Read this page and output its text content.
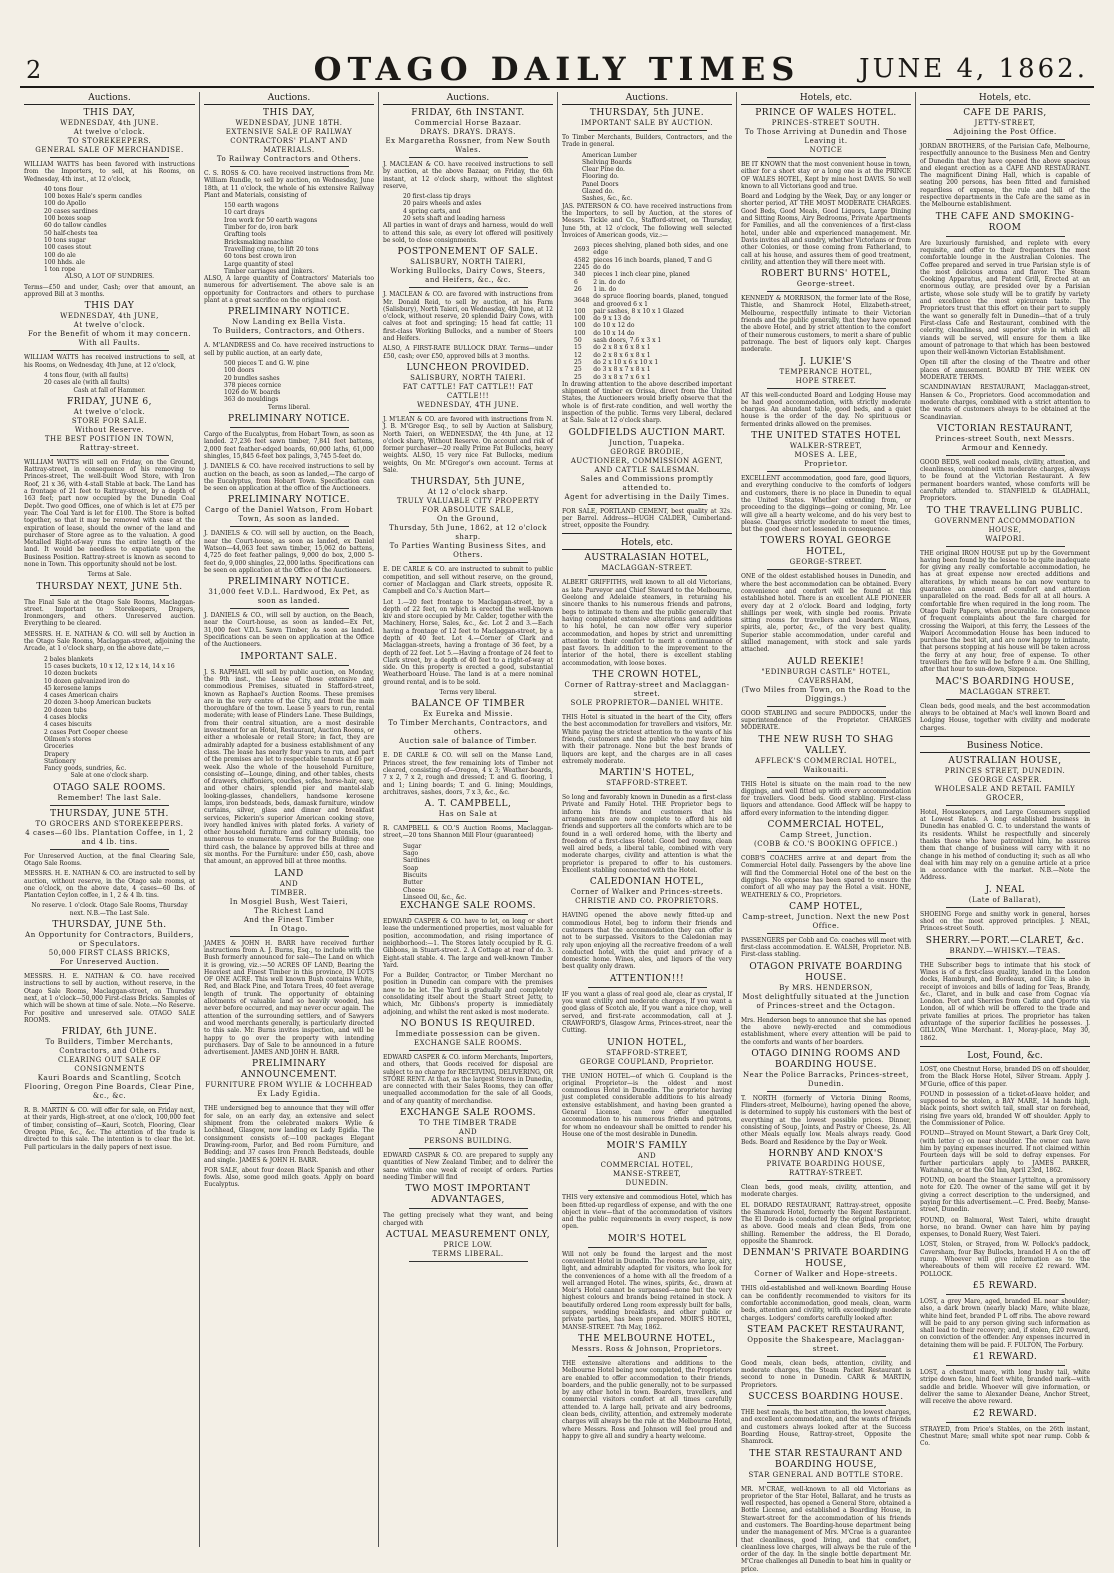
2	OTAGO DAILY TIMES	JUNE 4, 1862.
Auctions.
THIS DAY,
WEDNESDAY, 4th JUNE.
At twelve o'clock.
TO STOREKEEPERS.
GENERAL SALE OF MERCHANDISE.
WILLIAM WATTS has been favored with instructions from the Importers, to sell, at his Rooms, on Wednesday, 4th inst., at 12 o'clock,
40 tons flour
100 boxes Hale's sperm candles
100 do Apollo
20 cases sardines
100 boxes soap
60 do tallow candles
50 half-chests tea
10 tons sugar
100 cases stout
100 do ale
100 hhds. ale
1 ton rope
ALSO, A LOT OF SUNDRIES.
Terms—£50 and under, Cash; over that amount, an approved Bill at 3 months.
THIS DAY
WEDNESDAY, 4th JUNE,
At twelve o'clock.
For the Benefit of whom it may concern.
With all Faults.
WILLIAM WATTS has received instructions to sell, at his Rooms, on Wednesday, 4th June, at 12 o'clock,
4 tons flour, (with all faults)
20 cases ale (with all faults)
Cash at fall of Hammer.
FRIDAY, JUNE 6,
At twelve o'clock.
STORE FOR SALE.
Without Reserve.
THE BEST POSITION IN TOWN,
Rattray-street.
WILLIAM WATTS will sell on Friday, on the Ground, Rattray-street, in consequence of his removing to Princes-street, The well-built Wood Store, with Iron Roof, 21 x 36, with 4-stall Stable at back. The Land has a frontage of 21 feet to Rattray-street, by a depth of 163 feet; part now occupied by the Dunedin Coal Depôt. Two good Offices, one of which is let at £75 per year. The Coal Yard is let for £100. The Store is bolted together, so that it may be removed with ease at the expiration of lease, should the owner of the land and purchaser of Store agree as to the valuation. A good Metalled Right-of-way runs the entire length of the land. It would be needless to expatiate upon the Business Position. Rattray-street is known as second to none in Town. This opportunity should not be lost.
Terms at Sale.
THURSDAY NEXT, JUNE 5th.
The Final Sale at the Otago Sale Rooms, Maclaggan-street. Important to Storekeepers, Drapers, Ironmongers, and others. Unreserved auction. Everything to be cleared.
MESSRS. H. E. NATHAN & CO. will sell by Auction in the Otago Sale Rooms, Maclaggan-street, adjoining the Arcade, at 1 o'clock sharp, on the above date,—
2 bales blankets
15 cases buckets, 10 x 12, 12 x 14, 14 x 16
10 dozen buckets
10 dozen galvanized iron do
45 kerosene lamps
4 cases American chairs
20 dozen 3-hoop American buckets
20 dozen tubs
4 cases blocks
4 cases biscuits
2 cases Port Cooper cheese
Oilmen's stores
Groceries
Drapery
Stationery
Fancy goods, sundries, &c.
Sale at one o'clock sharp.
OTAGO SALE ROOMS.
Remember! The last Sale.
THURSDAY, JUNE 5TH.
TO GROCERS AND STOREKEEPERS.
4 cases—60 lbs. Plantation Coffee, in 1, 2 and 4 lb. tins.
For Unreserved Auction, at the final Clearing Sale, Otago Sale Rooms.
MESSRS. H. E. NATHAN & CO. are instructed to sell by auction, without reserve, in the Otago sale rooms, at one o'clock, on the above date, 4 cases—60 lbs. of Plantation Ceylon coffee, in 1, 2 & 4 lb. tins.
No reserve. 1 o'clock. Otago Sale Rooms, Thursday next. N.B.—The Last Sale.
THURSDAY, JUNE 5th.
An Opportunity for Contractors, Builders, or Speculators.
50,000 FIRST CLASS BRICKS,
For Unreserved Auction.
MESSRS. H. E. NATHAN & CO. have received instructions to sell by auction, without reserve, in the Otago Sale Rooms, Maclaggan-street, on Thursday next, at 1 o'clock—50,000 First-class Bricks. Samples of which will be shown at time of sale. Note.—No Reserve. For positive and unreserved sale. OTAGO SALE ROOMS.
FRIDAY, 6th JUNE.
To Builders, Timber Merchants, Contractors, and Others.
CLEARING OUT SALE OF CONSIGNMENTS
Kauri Boards and Scantling, Scotch Flooring, Oregon Pine Boards, Clear Pine, &c., &c.
R. B. MARTIN & CO. will offer for sale, on Friday next, at their yards, High-street, at one o'clock, 100,000 feet of timber, consisting of—Kauri, Scotch, Flooring, Clear Oregon Pine, &c., &c. The attention of the trade is directed to this sale. The intention is to clear the lot. Full particulars in the daily papers of next issue.
Auctions.
THIS DAY,
WEDNESDAY, JUNE 18TH.
EXTENSIVE SALE OF RAILWAY CONTRACTORS' PLANT AND MATERIALS.
To Railway Contractors and Others.
C. S. ROSS & CO. have received instructions from Mr. William Rundle, to sell by auction, on Wednesday, June 18th, at 11 o'clock, the whole of his extensive Railway Plant and Materials, consisting of
150 earth wagons
10 cart drays
Iron work for 50 earth wagons
Timber for do, iron bark
Grafting tools
Bricksmaking machine
Travelling crane, to lift 20 tons
60 tons best crown iron
Large quantity of steel
Timber carriages and jinkers.
ALSO, A large quantity of Contractors' Materials too numerous for advertisement. The above sale is an opportunity for Contractors and others to purchase plant at a great sacrifice on the original cost.
PRELIMINARY NOTICE.
Now Landing ex Bella Vista.
To Builders, Contractors, and Others.
A. M'LANDRESS and Co. have received instructions to sell by public auction, at an early date,
500 pieces T. and G. W. pine
100 doors
20 bundles sashes
378 pieces cornice
1026 do W. boards
363 do mouldings
Terms liberal.
PRELIMINARY NOTICE.
Cargo of the Eucalyptus, from Hobart Town, as soon as landed. 27,236 feet sawn timber, 7,841 feet battens, 2,000 feet feather-edged boards, 60,000 laths, 61,000 shingles, 15,845 6-feet box palings, 3,745 5-feet do.
J. DANIELS & CO. have received instructions to sell by auction on the beach, as soon as landed,—The cargo of the Eucalyptus, from Hobart Town. Specification can be seen on application at the office of the Auctioneers.
PRELIMINARY NOTICE.
Cargo of the Daniel Watson, From Hobart Town, As soon as landed.
J. DANIELS & CO. will sell by auction, on the Beach, near the Court-house, as soon as landed, ex Daniel Watson—44,063 feet sawn timber, 15,062 do battens, 4,725 do feet feather palings, 9,000 do box, 2,000 5-feet do, 9,000 shingles, 22,000 laths. Specifications can be seen on application at the Office of the Auctioneers.
PRELIMINARY NOTICE.
31,000 feet V.D.L. Hardwood, Ex Pet, as soon as landed.
J. DANIELS & CO., will sell by auction, on the Beach, near the Court-house, as soon as landed—Ex Pet, 31,000 feet V.D.L. Sawn Timber, As soon as landed. Specifications can be seen on application at the Office of the Auctioneers.
IMPORTANT SALE.
J. S. RAPHAEL will sell by public auction, on Monday, the 9th inst., the Lease of those extensive and commodious Premises, situated in Stafford-street, known as Raphael's Auction Rooms. These premises are in the very centre of the City, and front the main thoroughfare of the town. Lease 5 years to run, rental moderate; with lease of Flinders Lane. These Buildings, from their central situation, are a most desirable investment for an Hotel, Restaurant, Auction Rooms, or either a wholesale or retail Store; in fact, they are admirably adapted for a business establishment of any class. The lease has nearly four years to run, and part of the premises are let to respectable tenants at £6 per week. Also the whole of the household Furniture, consisting of—Lounge, dining, and other tables, chests of drawers, chiffoniers, couches, sofas, horse-hair, easy, and other chairs, splendid pier and mantel-slab looking-glasses, chandeliers, handsome kerosene lamps, iron bedsteads, beds, damask furniture, window curtains, silver, glass and dinner and breakfast services, Pickerin's superior American cooking stove, ivory handled knives with plated forks. A variety of other household furniture and culinary utensils, too numerous to enumerate. Terms for the Building: one third cash, the balance by approved bills at three and six months. For the Furniture: under £50, cash, above that amount, an approved bill at three months.
LAND
AND
TIMBER.
In Mosgiel Bush, West Taieri,
The Richest Land
And the Finest Timber
In Otago.
JAMES & JOHN H. BARR have received further instructions from A. J. Burns, Esq., to include with the Bush formerly announced for sale—The Land on which it is growing, viz.:—50 ACRES OF LAND, Bearing the Heaviest and Finest Timber in this province, IN LOTS OF ONE ACRE. This well known Bush contains White, Red, and Black Pine, and Totara Trees, 40 feet average length of trunk. The opportunity of obtaining allotments of valuable land so heavily wooded, has never before occurred, and may never occur again. The attention of the surrounding settlers, and of Sawyers and wood merchants generally, is particularly directed to this sale. Mr. Burns invites inspection, and will be happy to go over the property with intending purchasers. Day of Sale to be announced in a future advertisement. JAMES AND JOHN H. BARR.
PRELIMINARY ANNOUNCEMENT.
FURNITURE FROM WYLIE & LOCHHEAD
Ex Lady Egidia.
THE undersigned beg to announce that they will offer for sale, on an early day, an extensive and select shipment from the celebrated makers Wylie & Lochhead, Glasgow, now landing ex Lady Egidia. The consignment consists of:—100 packages Elegant Drawing-room, Parlor, and Bed room Furniture, and Bedding; and 37 cases Iron French Bedsteads, double and single. JAMES & JOHN H. BARR.
FOR SALE, about four dozen Black Spanish and other fowls. Also, some good milch goats. Apply on board Eucalyptus.
Auctions.
FRIDAY, 6th INSTANT.
Commercial Horse Bazaar.
DRAYS. DRAYS. DRAYS.
Ex Margaretha Rossner, from New South Wales.
J. MACLEAN & CO. have received instructions to sell by auction, at the above Bazaar, on Friday, the 6th instant, at 12 o'clock sharp, without the slightest reserve,
20 first-class tip drays
20 pairs wheels and axles
4 spring carts, and
20 sets shaft and leading harness
All parties in want of drays and harness, would do well to attend this sale, as every lot offered will positively be sold, to close consignments.
POSTPONEMENT OF SALE.
SALISBURY, NORTH TAIERI,
Working Bullocks, Dairy Cows, Steers, and Heifers, &c., &c.
J. MACLEAN & CO. are favored with instructions from Mr. Donald Reid, to sell by auction, at his Farm (Salisbury), North Taieri, on Wednesday, 4th June, at 12 o'clock, without reserve, 20 splendid Dairy Cows, with calves at foot and springing; 15 head fat cattle; 11 first-class Working Bullocks, and a number of Steers and Heifers.
ALSO, A FIRST-RATE BULLOCK DRAY. Terms—under £50, cash; over £50, approved bills at 3 months.
LUNCHEON PROVIDED.
SALISBURY, NORTH TAIERI.
FAT CATTLE! FAT CATTLE!! FAT CATTLE!!!
WEDNESDAY, 4TH JUNE.
J. M'LEAN & CO. are favored with instructions from N. J. B. M'Gregor Esq., to sell by Auction at Salisbury, North Taieri, on WEDNESDAY, the 4th June, at 12 o'clock sharp, Without Reserve. On account and risk of former purchaser—20 really Prime Fat Bullocks, heavy weights. ALSO, 15 very nice Fat Bullocks, medium weights, On Mr. M'Gregor's own account. Terms at Sale.
THURSDAY, 5th JUNE,
At 12 o'clock sharp.
TRULY VALUABLE CITY PROPERTY
FOR ABSOLUTE SALE,
On the Ground,
Thursday, 5th June, 1862, at 12 o'clock sharp.
To Parties Wanting Business Sites, and Others.
E. DE CARLE & CO. are instructed to submit to public competition, and sell without reserve, on the ground, corner of Maclaggan and Clark streets, opposite R. Campbell and Co.'s Auction Mart—
Lot 1.—20 feet frontage to Maclaggan-street, by a depth of 22 feet, on which is erected the well-known kiv and store occupied by Mr. Calder, together with the Machinery, Horse, Sales, &c., &c. Lot 2 and 3.—Each having a frontage of 12 feet to Maclaggan-street, by a depth of 40 feet. Lot 4.—Corner of Clark and Maclaggan-streets, having a frontage of 36 feet, by a depth of 22 feet. Lot 5.—Having a frontage of 24 feet to Clark street, by a depth of 40 feet to a right-of-way at side. On this property is erected a good, substantial Weatherboard House. The land is at a mere nominal ground rental, and is to be sold.
Terms very liberal.
BALANCE OF TIMBER
Ex Eureka and Missie.
To Timber Merchants, Contractors, and others.
Auction sale of balance of Timber.
E. DE CARLE & CO. will sell on the Manse Land, Princes street, the few remaining lots of Timber not cleared, consisting of—Oregon, 4 x 3; Weather-boards, 7 x 2, 7 x 2, rough and dressed; T. and G. flooring, 1 and 1; Lining boards; T. and G. lining; Mouldings, architraves, sashes, doors, 7 x 3, &c., &c.
A. T. CAMPBELL,
Has on Sale at
R. CAMPBELL & CO.'S Auction Rooms, Maclaggan-street,—20 tons Shannon Mill Flour (guaranteed)
Sugar
Sago
Sardines
Soap
Biscuits
Butter
Cheese
Linseed Oil, &c., &c.
EXCHANGE SALE ROOMS.
EDWARD CASPER & CO. have to let, on long or short lease the undermentioned properties, most valuable for position, accommodation, and rising importance of neighborhood:—1. The Stores lately occupied by R. G. Gibbons, in Stuart-street. 2. A Cottage at rear of do. 3. Eight-stall stable. 4. The large and well-known Timber Yard.
For a Builder, Contractor, or Timber Merchant no position in Dunedin can compare with the premises now to be let. The Yard is gradually and completely consolidating itself about the Stuart Street Jetty, to which, Mr. Gibbons's property is immediately adjoining, and whilst the rent asked is most moderate.
NO BONUS IS REQUIRED.
Immediate possession can be given.
EXCHANGE SALE ROOMS.
EDWARD CASPER & CO. inform Merchants, Importers, and others, that Goods received for disposal are subject to no charge for RECEIVING, DELIVERING, OR STORE RENT. At that, as the largest Stores in Dunedin, are connected with their Sales Rooms, they can offer unequalled accommodation for the sale of all Goods, and of any quantity of merchandise.
EXCHANGE SALE ROOMS.
TO THE TIMBER TRADE
AND
PERSONS BUILDING.
EDWARD CASPAR & CO. are prepared to supply any quantities of New Zealand Timber, and to deliver the same within one week of receipt of orders. Parties needing Timber will find
TWO MOST IMPORTANT ADVANTAGES,
The getting precisely what they want, and being charged with
ACTUAL MEASUREMENT ONLY,
PRICE LOW.
TERMS LIBERAL.
Auctions.
THURSDAY, 5th JUNE.
IMPORTANT SALE BY AUCTION.
To Timber Merchants, Builders, Contractors, and the Trade in general.
American Lumber
Shelving Boards
Clear Pine do.
Flooring do.
Panel Doors
Glazed do.
Sashes, &c., &c.
JAS. PATERSON & CO. have received instructions from the Importers, to sell by Auction, at the stores of Messrs. Tickle and Co., Stafford-street, on Thursday, June 5th, at 12 o'clock, The following well selected Invoices of American goods, viz.:—
2693	pieces shelving, planed both sides, and one edge
4582	pieces 16 inch boards, planed, T and G
2245	do do
340	pieces 1 inch clear pine, planed
6	2 in. do do
26	1 in. do
3648	do spruce flooring boards, planed, tongued and grooved 6 x 1
100	pair sashes, 8 x 10 x 1 Glazed
100	do 9 x 13 do
100	do 10 x 12 do
100	do 10 x 14 do
50	sash doors, 7.6 x 3 x 1
15	do 2 x 8 x 6 x 8 x 1
12	do 2 x 8 x 6 x 8 x 1
25	do 2 x 10 x 6 x 10 x 1
25	do 3 x 8 x 7 x 8 x 1
25	do 3 x 8 x 7 x 6 x 1
In drawing attention to the above described important shipment of timber ex Orissa, direct from the United States, the Auctioneers would briefly observe that the whole is of first-rate condition, and well worthy the inspection of the public. Terms very Liberal, declared at Sale. Sale at 12 o'clock sharp.
GOLDFIELDS AUCTION MART.
Junction, Tuapeka.
GEORGE BRODIE,
AUCTIONEER, COMMISSION AGENT, AND CATTLE SALESMAN.
Sales and Commissions promptly attended to.
Agent for advertising in the Daily Times.
FOR SALE, PORTLAND CEMENT, best quality at 32s. per Barrel. Address—HUGH CALDER, Cumberland-street, opposite the Foundry.
Hotels, etc.
AUSTRALASIAN HOTEL,
MACLAGGAN-STREET.
ALBERT GRIFFITHS, well known to all old Victorians, as late Purveyor and Chief Steward to the Melbourne, Geelong and Adelaide steamers, in returning his sincere thanks to his numerous friends and patrons, begs to intimate to them and the public generally that having completed extensive alterations and additions to his hotel, he can now offer very superior accommodation, and hopes by strict and unremitting attention to their comfort to merit a continuance of past favors. In addition to the improvement to the interior of the hotel, there is excellent stabling accommodation, with loose boxes.
THE CROWN HOTEL,
Corner of Rattray-street and Maclaggan-street.
SOLE PROPRIETOR—DANIEL WHITE.
THIS Hotel is situated in the heart of the City, offers the best accommodation for travellers and visitors, Mr. White paying the strictest attention to the wants of his friends, customers and the public who may favor him with their patronage. None but the best brands of liquors are kept, and the charges are in all cases extremely moderate.
MARTIN'S HOTEL,
STAFFORD-STREET.
So long and favorably known in Dunedin as a first-class Private and Family Hotel. THE Proprietor begs to inform his friends and customers that his arrangements are now complete to afford his old friends and supporters all the comforts which are to be found in a well ordered home, with the liberty and freedom of a first-class Hotel. Good bed rooms, clean well aired beds, a liberal table, combined with very moderate charges, civility and attention is what the proprietor is prepared to offer to his customers. Excellent stabling connected with the Hotel.
CALEDONIAN HOTEL,
Corner of Walker and Princes-streets.
CHRISTIE AND CO. PROPRIETORS.
HAVING opened the above newly fitted-up and commodious Hotel, beg to inform their friends and customers that the accommodation they can offer is not to be surpassed. Visitors to the Caledonian may rely upon enjoying all the recreative freedom of a well conducted hotel, with the quiet and privacy of a domestic home. Wines, ales, and liquors of the very best quality only drawn.
ATTENTION!!!
IF you want a glass of real good ale, clear as crystal, If you want civility and moderate charges, If you want a good glass of Scotch ale, If you want a nice chop, well served, and first-rate accommodation, call at J. CRAWFORD'S, Glasgow Arms, Princes-street, near the Cutting.
UNION HOTEL,
STAFFORD-STREET,
GEORGE COUPLAND, Proprietor.
THE UNION HOTEL—of which G. Coupland is the original Proprietor—is the oldest and most commodious Hotel in Dunedin. The proprietor having just completed considerable additions to his already extensive establishment, and having been granted a General License, can now offer unequalled accommodation to his numerous friends and patrons, for whom no endeavour shall be omitted to render his House one of the most desirable in Dunedin.
MOIR'S FAMILY
AND
COMMERCIAL HOTEL,
MANSE-STREET,
DUNEDIN.
THIS very extensive and commodious Hotel, which has been fitted-up regardless of expense, and with the one object in view—that of the accommodation of visitors and the public requirements in every respect, is now open.
MOIR'S HOTEL
Will not only be found the largest and the most convenient Hotel in Dunedin. The rooms are large, airy, light, and admirably adapted for visitors, who look for the conveniences of a home with all the freedom of a well arranged Hotel. The wines, spirits, &c., drawn at Moir's Hotel cannot be surpassed—none but the very highest colours and brands being retained in stock. A beautifully ordered Long room expressly built for balls, suppers, wedding breakfasts, and other public or private parties, has been prepared. MOIR'S HOTEL, MANSE-STREET. 7th May, 1862.
THE MELBOURNE HOTEL,
Messrs. Ross & Johnson, Proprietors.
THE extensive alterations and additions to the Melbourne Hotel being now completed, the Proprietors are enabled to offer accommodation to their friends, boarders, and the public generally, not to be surpassed by any other hotel in town. Boarders, travellers, and commercial visitors comfort at all times carefully attended to. A large hall, private and airy bedrooms, clean beds, civility, attention, and extremely moderate charges will always be the rule at the Melbourne Hotel, where Messrs. Ross and Johnson will feel proud and happy to give all and sundry a hearty welcome.
Hotels, etc.
PRINCE OF WALES HOTEL.
PRINCES-STREET SOUTH.
To Those Arriving at Dunedin and Those Leaving it.
NOTICE
BE IT KNOWN that the most convenient house in town, either for a short stay or a long one is at the PRINCE OF WALES HOTEL, Kept by mine host DAVIS. So well known to all Victorians good and true.
Board and Lodging by the Week, Day, or any longer or shorter period, AT THE MOST MODERATE CHARGES. Good Beds, Good Meals, Good Liquors, Large Dining and Sitting Rooms, Airy Bedrooms, Private Apartments for Families, and all the conveniences of a first-class hotel, under able and experienced management. Mr. Davis invites all and sundry, whether Victorians or from other Colonies, or those coming from Fatherland, to call at his house, and assures them of good treatment, civility, and attention they will there meet with.
ROBERT BURNS' HOTEL,
George-street.
KENNEDY & MORRISON, the former late of the Rose, Thistle, and Shamrock Hotel, Elizabeth-street, Melbourne, respectfully intimate to their Victorian friends and the public generally, that they have opened the above Hotel, and by strict attention to the comfort of their numerous customers, to merit a share of public patronage. The best of liquors only kept. Charges moderate.
J. LUKIE'S
TEMPERANCE HOTEL,
HOPE STREET.
AT this well-conducted Board and Lodging House may be had good accommodation, with strictly moderate charges. An abundant table, good beds, and a quiet house is the order of the day. No spirituous or fermented drinks allowed on the premises.
THE UNITED STATES HOTEL
WALKER-STREET,
MOSES A. LEE,
Proprietor.
EXCELLENT accommodation, good fare, good liquors, and everything conducive to the comforts of lodgers and customers, there is no place in Dunedin to equal the United States. Whether extending from, or proceeding to the diggings—going or coming, Mr. Lee will give all a hearty welcome, and do his very best to please. Charges strictly moderate to meet the times, but the good cheer not lessened in consequence.
TOWERS ROYAL GEORGE HOTEL,
GEORGE-STREET.
ONE of the oldest established houses in Dunedin, and where the best accommodation can be obtained. Every convenience and comfort will be found at this established hotel. There is an excellent ALE PIONEER every day at 2 o'clock. Board and lodging, forty shillings per week, with single bed rooms. Private sitting rooms for travellers and boarders. Wines, spirits, ale, porter, &c., of the very best quality. Superior stable accommodation, under careful and skilled management, with stock and sale yards attached.
AULD REEKIE!
"EDINBURGH CASTLE" HOTEL,
CAVERSHAM,
(Two Miles from Town, on the Road to the Diggings.)
GOOD STABLING and secure PADDOCKS, under the superintendence of the Proprietor. CHARGES MODERATE.
THE NEW RUSH TO SHAG VALLEY.
AFFLECK'S COMMERCIAL HOTEL,
Waikouaiti.
THIS Hotel is situate on the main road to the new diggings, and well fitted up with every accommodation for travellers. Good beds. Good stabling. First-class liquors and attendance. Good Affleck will be happy to afford every information to the intending digger.
COMMERCIAL HOTEL,
Camp Street, Junction.
(COBB & CO.'S BOOKING OFFICE.)
COBB'S COACHES arrive at and depart from the Commercial Hotel daily. Passengers by the above line will find the Commercial Hotel one of the best on the diggings. No expense has been spared to ensure the comfort of all who may pay the Hotel a visit. HONE, WEATHERLY & CO., Proprietors.
CAMP HOTEL,
Camp-street, Junction. Next the new Post Office.
PASSENGERS per Cobb and Co. coaches will meet with first-class accommodation. E. WALSH, Proprietor. N.B. First-class stabling.
OTAGON PRIVATE BOARDING HOUSE.
By MRS. HENDERSON,
Most delightfully situated at the Junction of Princes-street and the Octagon.
Mrs. Henderson begs to announce that she has opened the above newly-erected and commodious establishment, where every attention will be paid to the comforts and wants of her boarders.
OTAGO DINING ROOMS AND BOARDING HOUSE.
Near the Police Barracks, Princes-street, Dunedin.
T. NORTH (formerly of Victoria Dining Rooms, Flinders-street, Melbourne), having opened the above, is determined to supply his customers with the best of everything at the lowest possible prices. Dinner, consisting of Soup, Joints, and Pastry or Cheese, 2s. All other Meals equally low. Meals always ready. Good Beds. Board and Residence by the Day or Week.
HORNBY AND KNOX'S
PRIVATE BOARDING HOUSE,
RATTRAY-STREET.
Clean beds, good meals, civility, attention, and moderate charges.
EL DORADO RESTAURANT, Rattray-street, opposite the Shamrock Hotel, formerly the Regent Restaurant. The El Dorado is conducted by the original proprietor, as above. Good meals and clean Beds, from one shilling. Remember the address, the El Dorado, opposite the Shamrock.
DENMAN'S PRIVATE BOARDING HOUSE,
Corner of Walker and Hope-streets.
THIS old-established and well-known Boarding House can be confidently recommended to visitors for its comfortable accommodation, good meals, clean, warm beds, attention and civility, with exceedingly moderate charges. Lodgers' comforts carefully looked after.
STEAM PACKET RESTAURANT,
Opposite the Shakespeare, Maclaggan-street.
Good meals, clean beds, attention, civility, and moderate charges, the Steam Packet Restaurant is second to none in Dunedin. CARR & MARTIN, Proprietors.
SUCCESS BOARDING HOUSE.
THE best meals, the best attention, the lowest charges, and excellent accommodation, and the wants of friends and customers always looked after at the Success Boarding House, Rattray-street, Opposite the Shamrock.
THE STAR RESTAURANT AND BOARDING HOUSE,
STAR GENERAL AND BOTTLE STORE.
MR. M'CRAE, well-known to all old Victorians as proprietor of the Star Hotel, Ballarat, and he trusts as well respected, has opened a General Store, obtained a Bottle License, and established a Boarding House, in Stewart-street for the accommodation of his friends and customers. The Boarding-house department being under the management of Mrs. M'Crae is a guarantee that cleanliness, good living, and that comfort, cleanliness love charges, will always be the rule of the order of the day. In the single bottle department Mr. M'Crae challenges all Dunedin to beat him in quality or price.
Hotels, etc.
CAFE DE PARIS,
JETTY-STREET,
Adjoining the Post Office.
JORDAN BROTHERS, of the Parisian Cafe, Melbourne, respectfully announce to the Business Men and Gentry of Dunedin that they have opened the above spacious and elegant erection as a CAFE AND RESTAURANT. The magnificent Dining Hall, which is capable of seating 200 persons, has been fitted and furnished regardless of expense, the rule and bill of the respective departments in the Cafe are the same as in the Melbourne establishment.
THE CAFE AND SMOKING-ROOM
Are luxuriously furnished, and replete with every requisite, and offer to their frequenters the most comfortable lounge in the Australian Colonies. The Coffee prepared and served in true Parisian style is of the most delicious aroma and flavor. The Steam Cooking Apparatus, and Patent Grill, Erected at an enormous outlay, are presided over by a Parisian artiste, whose sole study will be to gratify by variety and excellence the most epicurean taste. The Proprietors trust that this effort on their part to supply the want so generally felt in Dunedin—that of a truly First-class Cafe and Restaurant, combined with the celerity, cleanliness, and superior style in which all viands will be served, will ensure for them a like amount of patronage to that which has been bestowed upon their well-known Victorian Establishment.
Open till after the closing of the Theatre and other places of amusement. BOARD BY THE WEEK ON MODERATE TERMS.
SCANDINAVIAN RESTAURANT, Maclaggan-street, Hansen & Co., Proprietors. Good accommodation and moderate charges, combined with a strict attention to the wants of customers always to be obtained at the Scandinavian.
VICTORIAN RESTAURANT,
Princes-street South, next Messrs. Armour and Kennedy.
GOOD BEDS, well cooked meals, civility, attention, and cleanliness, combined with moderate charges, always to be found at the Victorian Restaurant. A few permanent boarders wanted, whose comforts will be carefully attended to. STANFIELD & GLADHALL, Proprietors.
TO THE TRAVELLING PUBLIC.
GOVERNMENT ACCOMMODATION HOUSE,
WAIPORI.
THE original IRON HOUSE put up by the Government having been found by the lessee to be quite inadequate for giving any really comfortable accommodation, he has at great expense now erected additions and alterations, by which means he can now venture to guarantee an amount of comfort and attention unparalleled on the road. Beds for all at all hours. A comfortable fire when required in the long room. The Otago Daily Papers, when procurable. In consequence of frequent complaints about the fare charged for crossing the Waipori, at this ferry, the Lessees of the Waipori Accommodation House has been induced to purchase the best kit, and are now happy to intimate, that persons stopping at his house will be taken across the ferry at any hour, free of expense. To other travellers the fare will be before 9 a.m. One Shilling, after that hour to sun-down, Sixpence.
MAC'S BOARDING HOUSE,
MACLAGGAN STREET.
Clean beds, good meals, and the best accommodation always to be obtained at Mac's well known Board and Lodging House, together with civility and moderate charges.
Business Notice.
AUSTRALIAN HOUSE,
PRINCES STREET, DUNEDIN.
GEORGE CASPER.
WHOLESALE AND RETAIL FAMILY GROCER,
Hotel, Housekeepers, and Large Consumers supplied at Lowest Rates. A long established business in Dunedin has enabled G. C. to understand the wants of its residents. Whilst he respectfully and sincerely thanks those who have patronized him, he assures them that change of business will carry with it no change in his method of conducting it; such as all who deal with him may rely on a genuine article at a price in accordance with the market. N.B.—Note the Address.
J. NEAL
(Late of Ballarat),
SHOEING Forge and smithy work in general, horses shod on the most approved principles. J. NEAL, Princes-street South.
SHERRY.—PORT.—CLARET, &c.
BRANDY.—WHISKY.—TEAS.
THE Subscriber begs to intimate that his stock of Wines is of a first-class quality, landed in the London docks, Hamburgh, and Bordeaux, and Gin; is also in receipt of invoices and bills of lading for Teas, Brandy, &c., Claret, and in bulk and case from Cognac via London. Port and Sherries from Cadiz and Oporto via London, all of which will be offered to the trade and private families at prices. The proprietor has taken advantage of the superior facilities he possesses. J. GILLON, Wine Merchant. 1, Moray-place, May 30, 1862.
Lost, Found, &c.
LOST, one Chestnut Horse, branded DS on off shoulder, from the Black Horse Hotel, Silver Stream. Apply J. M'Gurie, office of this paper.
FOUND in possession of a ticket-of-leave holder, and supposed to be stolen, a BAY MARE, 14 hands high, black points, short switch tail, small star on forehead, rising five years old, branded W off shoulder. Apply to the Commissioner of Police.
FOUND—Strayed on Mount Stewart, a Dark Grey Colt, (with letter c) on near shoulder. The owner can have him by paying expenses incurred. If not claimed within Fourteen days will be sold to defray expenses. For further particulars apply to JAMES PARKER, Waitahuna, or at the Old Inn, April 23rd, 1862.
FOUND, on board the Steamer Lyttelton, a promissory note for £20. The owner of the same will get it by giving a correct description to the undersigned, and paying for this advertisement.—C. Fred. Beeby, Manse-street, Dunedin.
FOUND, on Balmoral, West Taieri, white draught horse, no brand. Owner can have him by paying expenses, to Donald Ruery, West Taieri.
LOST, Stolen, or Strayed, from W. Pollock's paddock, Caversham, four Bay Bullocks, branded H A on the off rump. Whoever will give information as to the whereabouts of them will receive £2 reward. WM. POLLOCK.
£5 REWARD.
LOST, a grey Mare, aged, branded EL near shoulder; also, a dark brown (nearly black) Mare, white blaze, white hind feet, branded P L off ribs. The above reward will be paid to any person giving such information as shall lead to their recovery; and, if stolen, £20 reward, on conviction of the offender. Any expenses incurred in detaining them will be paid. F. FULTON, The Forbury.
£1 REWARD.
LOST, a chestnut mare, with long bushy tail, white stripe down face, hind feet white, branded mark—with saddle and bridle. Whoever will give information, or deliver the same to Alexander Deane, Anchor Street, will receive the above reward.
£2 REWARD.
STRAYED, from Price's Stables, on the 26th instant, Chestnut Mare; small white spot near rump. Cobb & Co.
